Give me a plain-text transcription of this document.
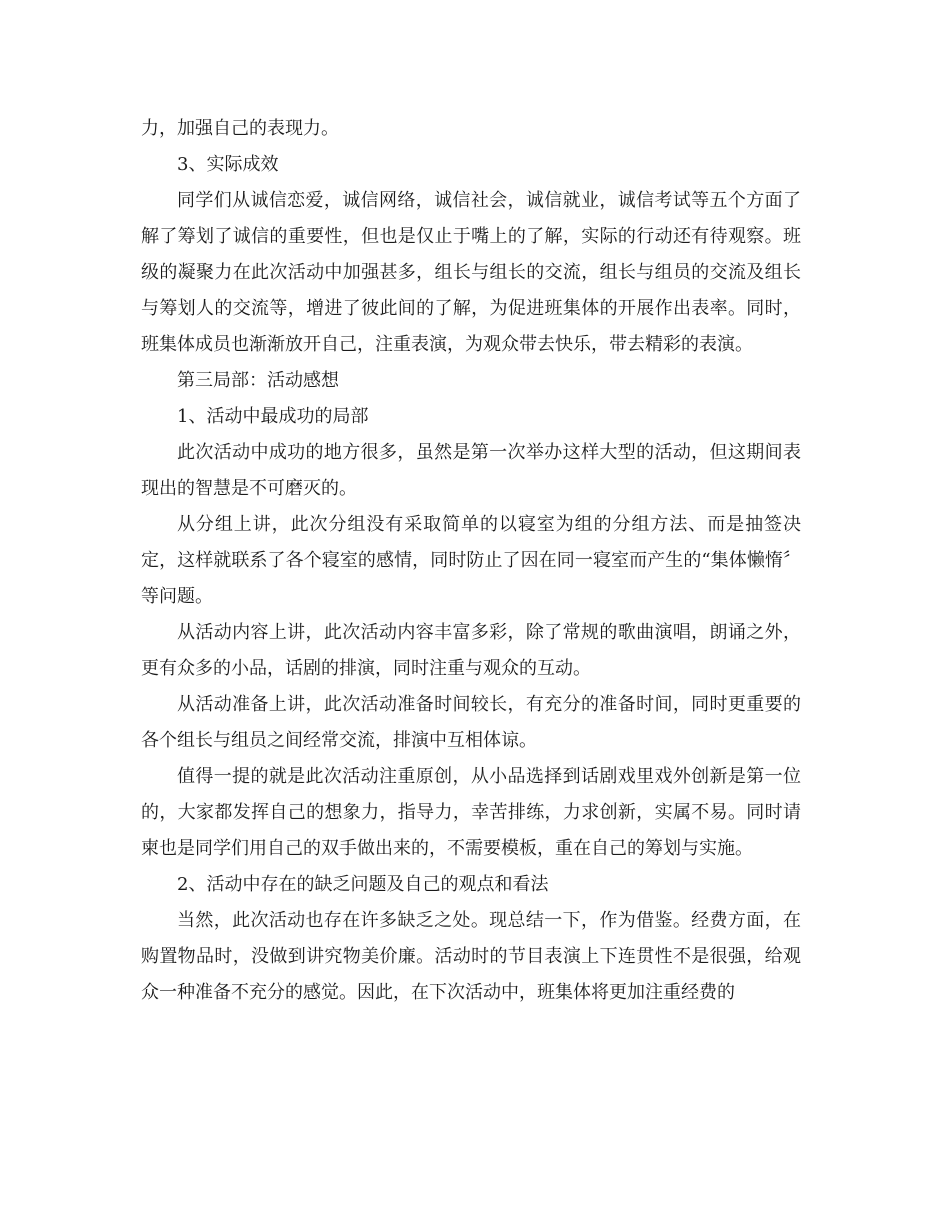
力，加强自己的表现力。

3、实际成效

同学们从诚信恋爱，诚信网络，诚信社会，诚信就业，诚信考试等五个方面了解了筹划了诚信的重要性，但也是仅止于嘴上的了解，实际的行动还有待观察。班级的凝聚力在此次活动中加强甚多，组长与组长的交流，组长与组员的交流及组长与筹划人的交流等，增进了彼此间的了解，为促进班集体的开展作出表率。同时，班集体成员也渐渐放开自己，注重表演，为观众带去快乐，带去精彩的表演。

第三局部：活动感想

1、活动中最成功的局部

此次活动中成功的地方很多，虽然是第一次举办这样大型的活动，但这期间表现出的智慧是不可磨灭的。

从分组上讲，此次分组没有采取简单的以寝室为组的分组方法、而是抽签决定，这样就联系了各个寝室的感情，同时防止了因在同一寝室而产生的“集体懒惰〞等问题。

从活动内容上讲，此次活动内容丰富多彩，除了常规的歌曲演唱，朗诵之外，更有众多的小品，话剧的排演，同时注重与观众的互动。

从活动准备上讲，此次活动准备时间较长，有充分的准备时间，同时更重要的各个组长与组员之间经常交流，排演中互相体谅。

值得一提的就是此次活动注重原创，从小品选择到话剧戏里戏外创新是第一位的，大家都发挥自己的想象力，指导力，幸苦排练，力求创新，实属不易。同时请柬也是同学们用自己的双手做出来的，不需要模板，重在自己的筹划与实施。

2、活动中存在的缺乏问题及自己的观点和看法

当然，此次活动也存在许多缺乏之处。现总结一下，作为借鉴。经费方面，在购置物品时，没做到讲究物美价廉。活动时的节目表演上下连贯性不是很强，给观众一种准备不充分的感觉。因此，在下次活动中，班集体将更加注重经费的
